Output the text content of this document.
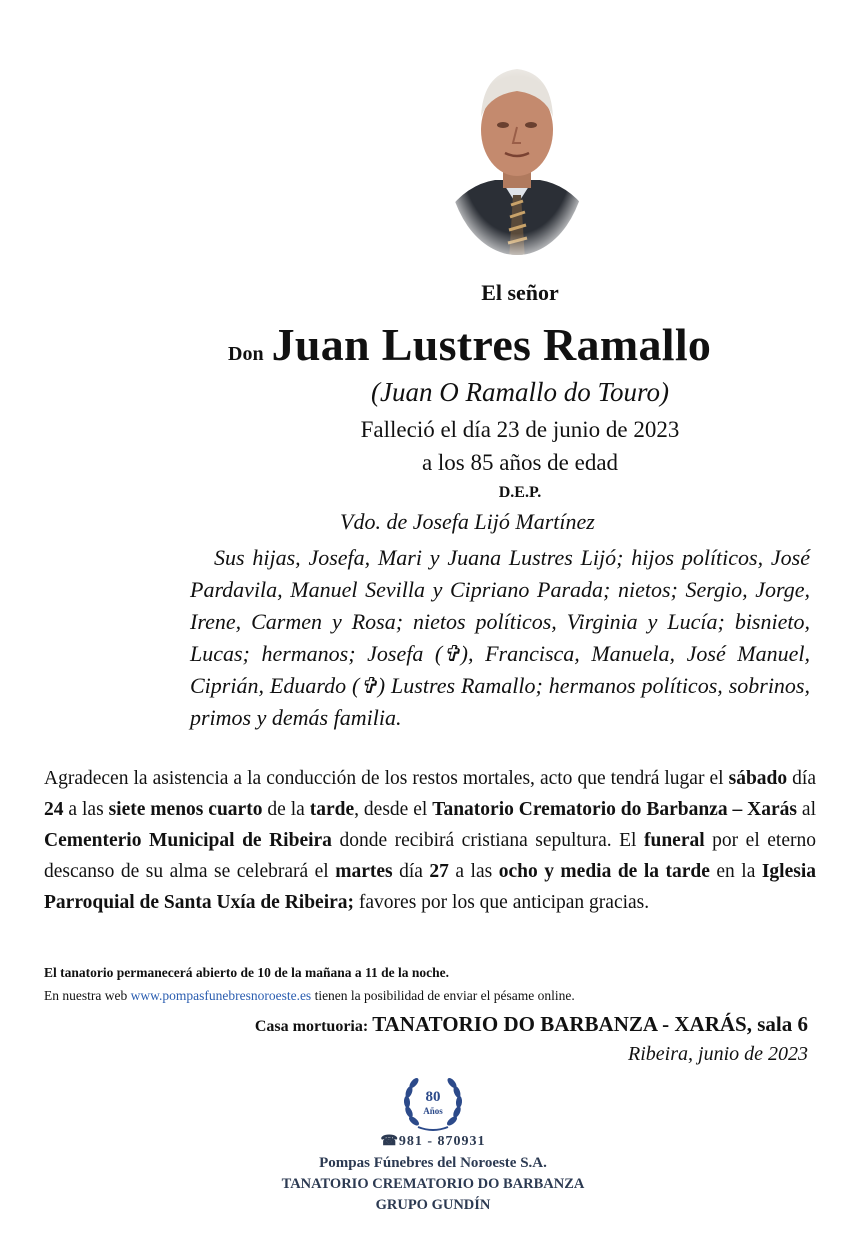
El señor
Don Juan Lustres Ramallo
(Juan O Ramallo do Touro)
Falleció el día 23 de junio de 2023
a los 85 años de edad
D.E.P.
Vdo. de Josefa Lijó Martínez
Sus hijas, Josefa, Mari y Juana Lustres Lijó; hijos políticos, José Pardavila, Manuel Sevilla y Cipriano Parada; nietos; Sergio, Jorge, Irene, Carmen y Rosa; nietos políticos, Virginia y Lucía; bisnieto, Lucas; hermanos; Josefa (✞), Francisca, Manuela, José Manuel, Ciprián, Eduardo (✞) Lustres Ramallo; hermanos políticos, sobrinos, primos y demás familia.
Agradecen la asistencia a la conducción de los restos mortales, acto que tendrá lugar el sábado día 24 a las siete menos cuarto de la tarde, desde el Tanatorio Crematorio do Barbanza – Xarás al Cementerio Municipal de Ribeira donde recibirá cristiana sepultura. El funeral por el eterno descanso de su alma se celebrará el martes día 27 a las ocho y media de la tarde en la Iglesia Parroquial de Santa Uxía de Ribeira; favores por los que anticipan gracias.
El tanatorio permanecerá abierto de 10 de la mañana a 11 de la noche.
En nuestra web www.pompasfunebresnoroeste.es tienen la posibilidad de enviar el pésame online.
Casa mortuoria: TANATORIO DO BARBANZA - XARÁS, sala 6
Ribeira, junio de 2023
80
Años
☎981 - 870931
Pompas Fúnebres del Noroeste S.A.
TANATORIO CREMATORIO DO BARBANZA
GRUPO GUNDÍN
